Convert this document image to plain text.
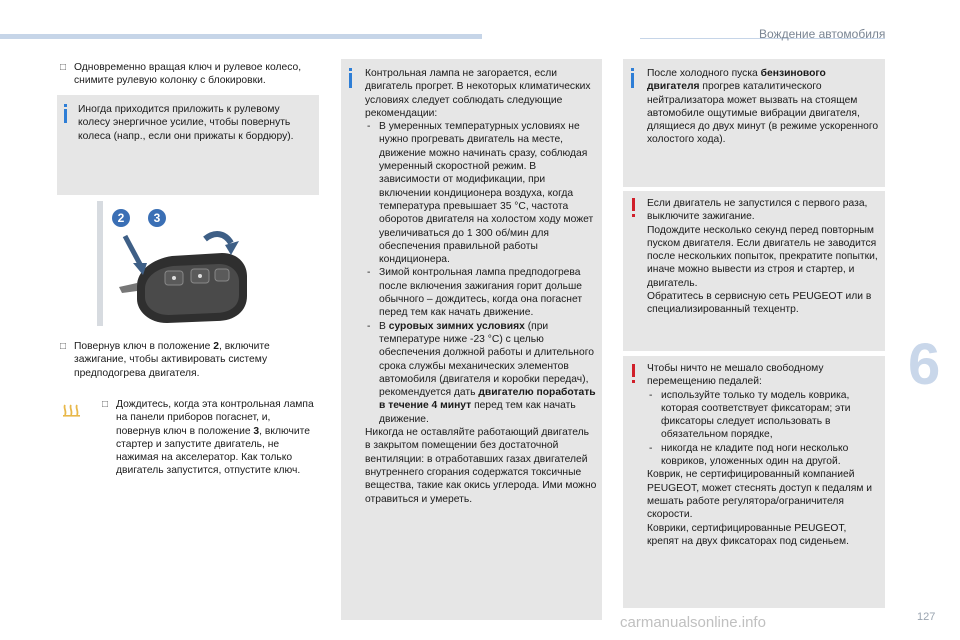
Вождение автомобиля
6
□ Одновременно вращая ключ и рулевое колесо, снимите рулевую колонку с блокировки.
Иногда приходится приложить к рулевому колесу энергичное усилие, чтобы повернуть колеса (напр., если они прижаты к бордюру).
2 3
□ Повернув ключ в положение 2, включите зажигание, чтобы активировать систему предподогрева двигателя.
□ Дождитесь, когда эта контрольная лампа на панели приборов погаснет, и, повернув ключ в положение 3, включите стартер и запустите двигатель, не нажимая на акселератор. Как только двигатель запустится, отпустите ключ.
Контрольная лампа не загорается, если двигатель прогрет. В некоторых климатических условиях следует соблюдать следующие рекомендации:
- В умеренных температурных условиях не нужно прогревать двигатель на месте, движение можно начинать сразу, соблюдая умеренный скоростной режим. В зависимости от модификации, при включении кондиционера воздуха, когда температура превышает 35 °C, частота оборотов двигателя на холостом ходу может увеличиваться до 1 300 об/мин для обеспечения правильной работы кондиционера.
- Зимой контрольная лампа предподогрева после включения зажигания горит дольше обычного – дождитесь, когда она погаснет перед тем как начать движение.
- В суровых зимних условиях (при температуре ниже -23 °C) с целью обеспечения должной работы и длительного срока службы механических элементов автомобиля (двигателя и коробки передач), рекомендуется дать двигателю поработать в течение 4 минут перед тем как начать движение.
Никогда не оставляйте работающий двигатель в закрытом помещении без достаточной вентиляции: в отработавших газах двигателей внутреннего сгорания содержатся токсичные вещества, такие как окись углерода. Ими можно отравиться и умереть.
После холодного пуска бензинового двигателя прогрев каталитического нейтрализатора может вызвать на стоящем автомобиле ощутимые вибрации двигателя, длящиеся до двух минут (в режиме ускоренного холостого хода).
Если двигатель не запустился с первого раза, выключите зажигание.
Подождите несколько секунд перед повторным пуском двигателя. Если двигатель не заводится после нескольких попыток, прекратите попытки, иначе можно вывести из строя и стартер, и двигатель.
Обратитесь в сервисную сеть PEUGEOT или в специализированный техцентр.
Чтобы ничто не мешало свободному перемещению педалей:
- используйте только ту модель коврика, которая соответствует фиксаторам; эти фиксаторы следует использовать в обязательном порядке,
- никогда не кладите под ноги несколько ковриков, уложенных один на другой.
Коврик, не сертифицированный компанией PEUGEOT, может стеснять доступ к педалям и мешать работе регулятора/ограничителя скорости.
Коврики, сертифицированные PEUGEOT, крепят на двух фиксаторах под сиденьем.
carmanualsonline.info	127
